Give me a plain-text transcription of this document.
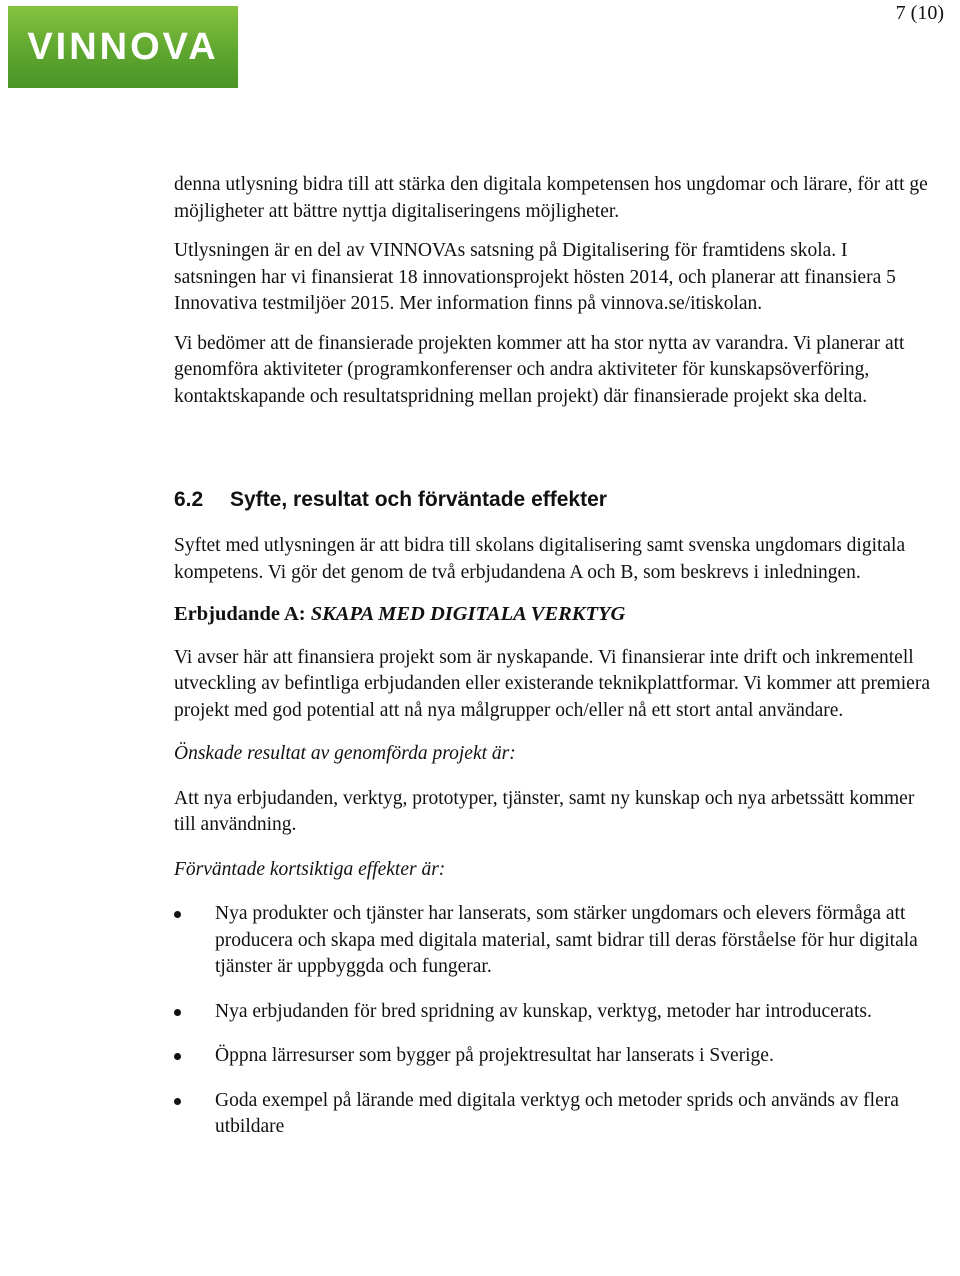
VINNOVA
7 (10)

denna utlysning bidra till att stärka den digitala kompetensen hos ungdomar och lärare, för att ge möjligheter att bättre nyttja digitaliseringens möjligheter.

Utlysningen är en del av VINNOVAs satsning på Digitalisering för framtidens skola. I satsningen har vi finansierat 18 innovationsprojekt hösten 2014, och planerar att finansiera 5 Innovativa testmiljöer 2015. Mer information finns på vinnova.se/itiskolan.

Vi bedömer att de finansierade projekten kommer att ha stor nytta av varandra. Vi planerar att genomföra aktiviteter (programkonferenser och andra aktiviteter för kunskapsöverföring, kontaktskapande och resultatspridning mellan projekt) där finansierade projekt ska delta.

6.2	Syfte, resultat och förväntade effekter

Syftet med utlysningen är att bidra till skolans digitalisering samt svenska ungdomars digitala kompetens. Vi gör det genom de två erbjudandena A och B, som beskrevs i inledningen.

Erbjudande A: SKAPA MED DIGITALA VERKTYG

Vi avser här att finansiera projekt som är nyskapande. Vi finansierar inte drift och inkrementell utveckling av befintliga erbjudanden eller existerande teknikplattformar. Vi kommer att premiera projekt med god potential att nå nya målgrupper och/eller nå ett stort antal användare.

Önskade resultat av genomförda projekt är:

Att nya erbjudanden, verktyg, prototyper, tjänster, samt ny kunskap och nya arbetssätt kommer till användning.

Förväntade kortsiktiga effekter är:

Nya produkter och tjänster har lanserats, som stärker ungdomars och elevers förmåga att producera och skapa med digitala material, samt bidrar till deras förståelse för hur digitala tjänster är uppbyggda och fungerar.
Nya erbjudanden för bred spridning av kunskap, verktyg, metoder har introducerats.
Öppna lärresurser som bygger på projektresultat har lanserats i Sverige.
Goda exempel på lärande med digitala verktyg och metoder sprids och används av flera utbildare
